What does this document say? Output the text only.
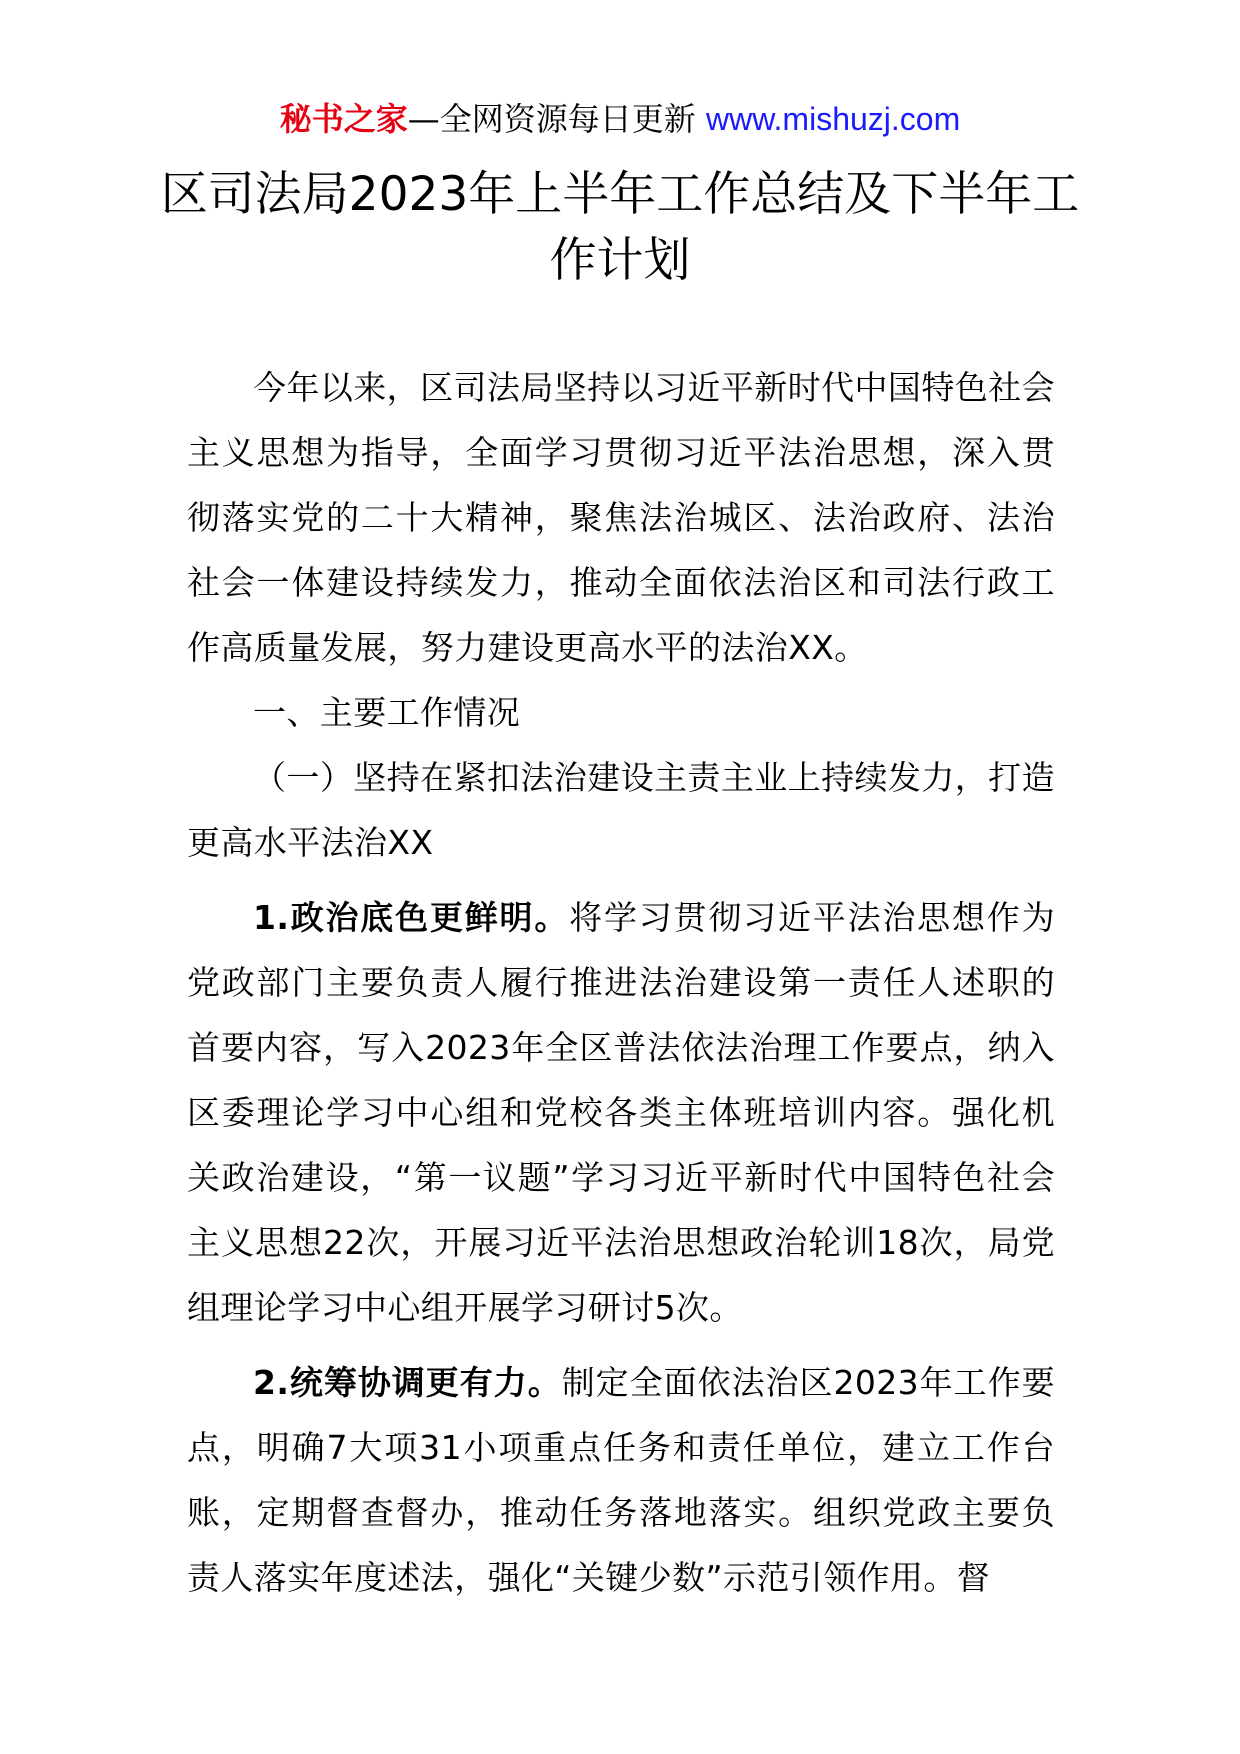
秘书之家—全网资源每日更新 www.mishuzj.com
区司法局2023年上半年工作总结及下半年工作计划

今年以来，区司法局坚持以习近平新时代中国特色社会主义思想为指导，全面学习贯彻习近平法治思想，深入贯彻落实党的二十大精神，聚焦法治城区、法治政府、法治社会一体建设持续发力，推动全面依法治区和司法行政工作高质量发展，努力建设更高水平的法治XX。

一、主要工作情况

（一）坚持在紧扣法治建设主责主业上持续发力，打造更高水平法治XX

1.政治底色更鲜明。将学习贯彻习近平法治思想作为党政部门主要负责人履行推进法治建设第一责任人述职的首要内容，写入2023年全区普法依法治理工作要点，纳入区委理论学习中心组和党校各类主体班培训内容。强化机关政治建设，“第一议题”学习习近平新时代中国特色社会主义思想22次，开展习近平法治思想政治轮训18次，局党组理论学习中心组开展学习研讨5次。

2.统筹协调更有力。制定全面依法治区2023年工作要点，明确7大项31小项重点任务和责任单位，建立工作台账，定期督查督办，推动任务落地落实。组织党政主要负责人落实年度述法，强化“关键少数”示范引领作用。督
